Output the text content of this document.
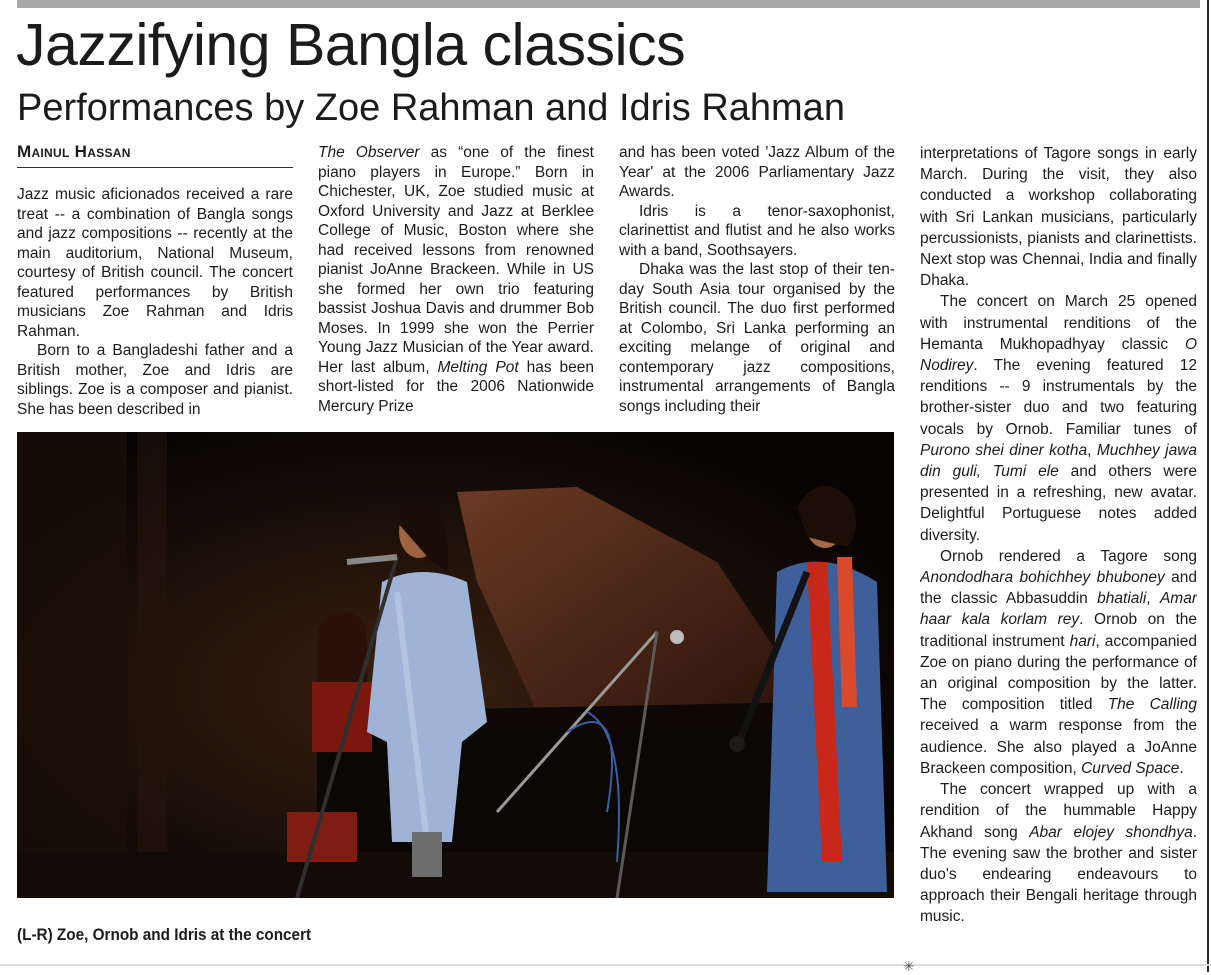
Jazzifying Bangla classics
Performances by Zoe Rahman and Idris Rahman
Mainul Hassan

Jazz music aficionados received a rare treat -- a combination of Bangla songs and jazz compositions -- recently at the main auditorium, National Museum, courtesy of British council. The concert featured performances by British musicians Zoe Rahman and Idris Rahman.

Born to a Bangladeshi father and a British mother, Zoe and Idris are siblings. Zoe is a composer and pianist. She has been described in

The Observer as “one of the finest piano players in Europe.” Born in Chichester, UK, Zoe studied music at Oxford University and Jazz at Berklee College of Music, Boston where she had received lessons from renowned pianist JoAnne Brackeen. While in US she formed her own trio featuring bassist Joshua Davis and drummer Bob Moses. In 1999 she won the Perrier Young Jazz Musician of the Year award. Her last album, Melting Pot has been short-listed for the 2006 Nationwide Mercury Prize

and has been voted 'Jazz Album of the Year' at the 2006 Parliamentary Jazz Awards.

Idris is a tenor-saxophonist, clarinettist and flutist and he also works with a band, Soothsayers.

Dhaka was the last stop of their ten-day South Asia tour organised by the British council. The duo first performed at Colombo, Sri Lanka performing an exciting melange of original and contemporary jazz compositions, instrumental arrangements of Bangla songs including their

interpretations of Tagore songs in early March. During the visit, they also conducted a workshop collaborating with Sri Lankan musicians, particularly percussionists, pianists and clarinettists. Next stop was Chennai, India and finally Dhaka.

The concert on March 25 opened with instrumental renditions of the Hemanta Mukhopadhyay classic O Nodirey. The evening featured 12 renditions -- 9 instrumentals by the brother-sister duo and two featuring vocals by Ornob. Familiar tunes of Purono shei diner kotha, Muchhey jawa din guli, Tumi ele and others were presented in a refreshing, new avatar. Delightful Portuguese notes added diversity.

Ornob rendered a Tagore song Anondodhara bohichhey bhuboney and the classic Abbasuddin bhatiali, Amar haar kala korlam rey. Ornob on the traditional instrument hari, accompanied Zoe on piano during the performance of an original composition by the latter. The composition titled The Calling received a warm response from the audience. She also played a JoAnne Brackeen composition, Curved Space.

The concert wrapped up with a rendition of the hummable Happy Akhand song Abar elojey shondhya. The evening saw the brother and sister duo's endearing endeavours to approach their Bengali heritage through music.

(L-R) Zoe, Ornob and Idris at the concert
✳
